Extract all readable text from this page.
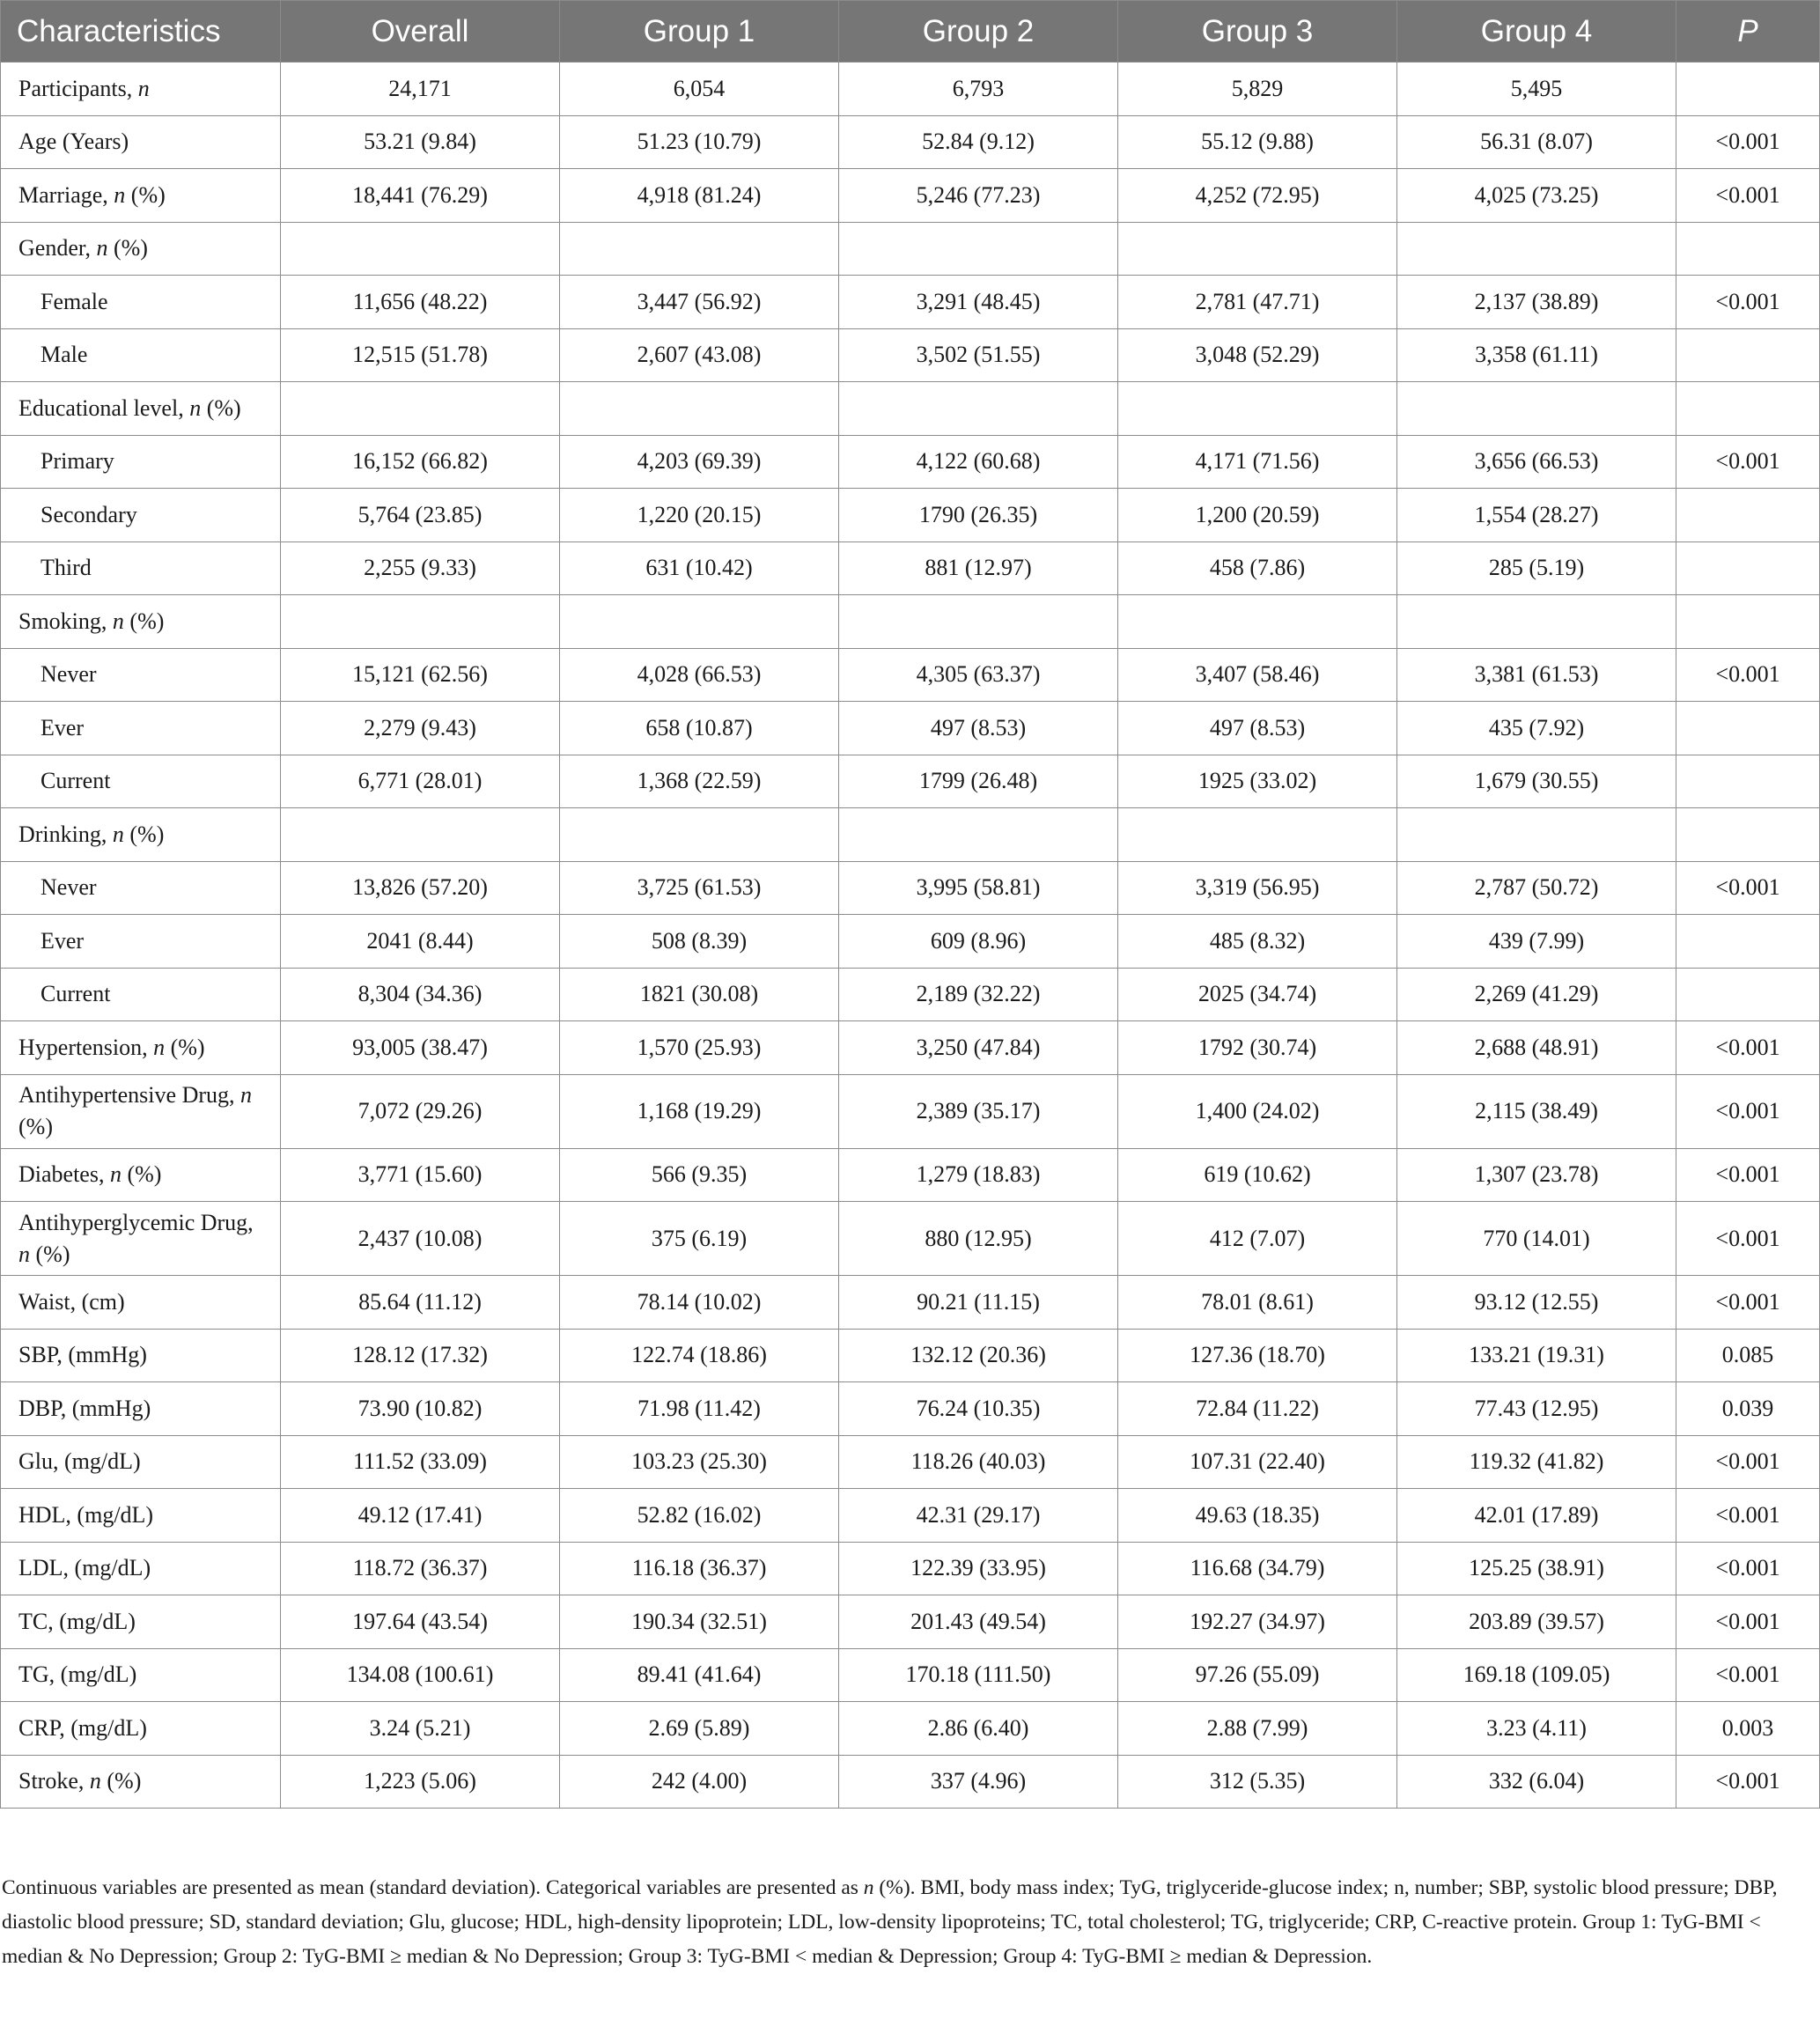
Characteristics	Overall	Group 1	Group 2	Group 3	Group 4	P
Participants, n	24,171	6,054	6,793	5,829	5,495	
Age (Years)	53.21 (9.84)	51.23 (10.79)	52.84 (9.12)	55.12 (9.88)	56.31 (8.07)	<0.001
Marriage, n (%)	18,441 (76.29)	4,918 (81.24)	5,246 (77.23)	4,252 (72.95)	4,025 (73.25)	<0.001
Gender, n (%)						
Female	11,656 (48.22)	3,447 (56.92)	3,291 (48.45)	2,781 (47.71)	2,137 (38.89)	<0.001
Male	12,515 (51.78)	2,607 (43.08)	3,502 (51.55)	3,048 (52.29)	3,358 (61.11)	
Educational level, n (%)						
Primary	16,152 (66.82)	4,203 (69.39)	4,122 (60.68)	4,171 (71.56)	3,656 (66.53)	<0.001
Secondary	5,764 (23.85)	1,220 (20.15)	1790 (26.35)	1,200 (20.59)	1,554 (28.27)	
Third	2,255 (9.33)	631 (10.42)	881 (12.97)	458 (7.86)	285 (5.19)	
Smoking, n (%)						
Never	15,121 (62.56)	4,028 (66.53)	4,305 (63.37)	3,407 (58.46)	3,381 (61.53)	<0.001
Ever	2,279 (9.43)	658 (10.87)	497 (8.53)	497 (8.53)	435 (7.92)	
Current	6,771 (28.01)	1,368 (22.59)	1799 (26.48)	1925 (33.02)	1,679 (30.55)	
Drinking, n (%)						
Never	13,826 (57.20)	3,725 (61.53)	3,995 (58.81)	3,319 (56.95)	2,787 (50.72)	<0.001
Ever	2041 (8.44)	508 (8.39)	609 (8.96)	485 (8.32)	439 (7.99)	
Current	8,304 (34.36)	1821 (30.08)	2,189 (32.22)	2025 (34.74)	2,269 (41.29)	
Hypertension, n (%)	93,005 (38.47)	1,570 (25.93)	3,250 (47.84)	1792 (30.74)	2,688 (48.91)	<0.001
Antihypertensive Drug, n (%)	7,072 (29.26)	1,168 (19.29)	2,389 (35.17)	1,400 (24.02)	2,115 (38.49)	<0.001
Diabetes, n (%)	3,771 (15.60)	566 (9.35)	1,279 (18.83)	619 (10.62)	1,307 (23.78)	<0.001
Antihyperglycemic Drug, n (%)	2,437 (10.08)	375 (6.19)	880 (12.95)	412 (7.07)	770 (14.01)	<0.001
Waist, (cm)	85.64 (11.12)	78.14 (10.02)	90.21 (11.15)	78.01 (8.61)	93.12 (12.55)	<0.001
SBP, (mmHg)	128.12 (17.32)	122.74 (18.86)	132.12 (20.36)	127.36 (18.70)	133.21 (19.31)	0.085
DBP, (mmHg)	73.90 (10.82)	71.98 (11.42)	76.24 (10.35)	72.84 (11.22)	77.43 (12.95)	0.039
Glu, (mg/dL)	111.52 (33.09)	103.23 (25.30)	118.26 (40.03)	107.31 (22.40)	119.32 (41.82)	<0.001
HDL, (mg/dL)	49.12 (17.41)	52.82 (16.02)	42.31 (29.17)	49.63 (18.35)	42.01 (17.89)	<0.001
LDL, (mg/dL)	118.72 (36.37)	116.18 (36.37)	122.39 (33.95)	116.68 (34.79)	125.25 (38.91)	<0.001
TC, (mg/dL)	197.64 (43.54)	190.34 (32.51)	201.43 (49.54)	192.27 (34.97)	203.89 (39.57)	<0.001
TG, (mg/dL)	134.08 (100.61)	89.41 (41.64)	170.18 (111.50)	97.26 (55.09)	169.18 (109.05)	<0.001
CRP, (mg/dL)	3.24 (5.21)	2.69 (5.89)	2.86 (6.40)	2.88 (7.99)	3.23 (4.11)	0.003
Stroke, n (%)	1,223 (5.06)	242 (4.00)	337 (4.96)	312 (5.35)	332 (6.04)	<0.001

Continuous variables are presented as mean (standard deviation). Categorical variables are presented as n (%). BMI, body mass index; TyG, triglyceride-glucose index; n, number; SBP, systolic blood pressure; DBP, diastolic blood pressure; SD, standard deviation; Glu, glucose; HDL, high-density lipoprotein; LDL, low-density lipoproteins; TC, total cholesterol; TG, triglyceride; CRP, C-reactive protein. Group 1: TyG-BMI < median & No Depression; Group 2: TyG-BMI ≥ median & No Depression; Group 3: TyG-BMI < median & Depression; Group 4: TyG-BMI ≥ median & Depression.
